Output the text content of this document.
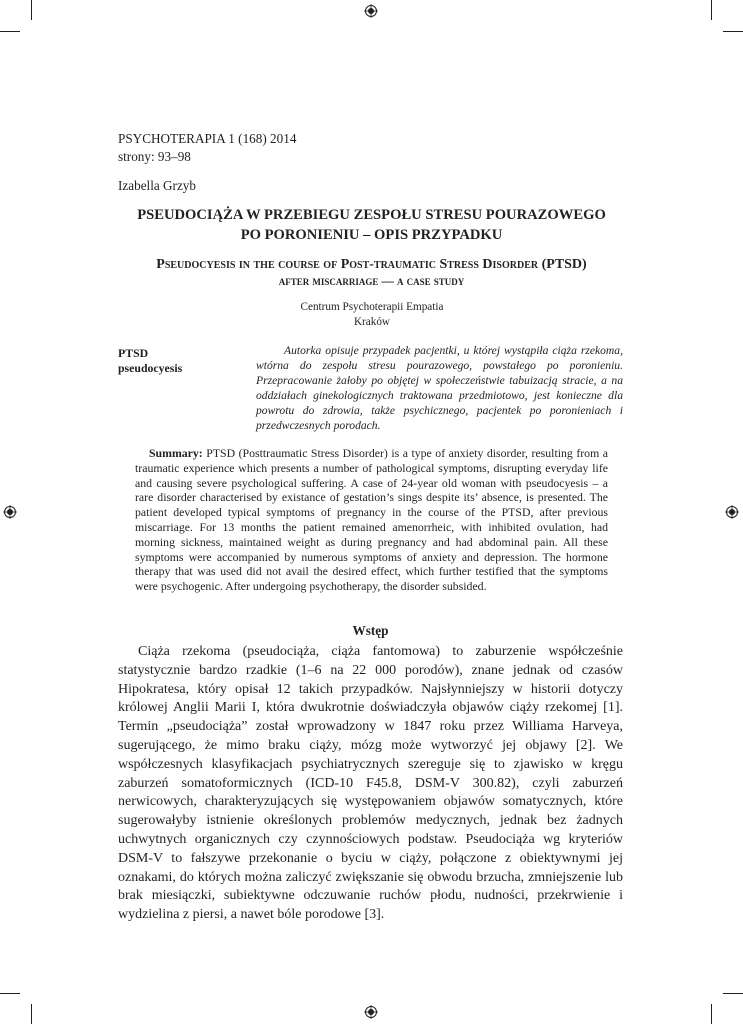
PSYCHOTERAPIA 1 (168) 2014
strony: 93–98
Izabella Grzyb
PSEUDOCIĄŻA W PRZEBIEGU ZESPOŁU STRESU POURAZOWEGO
PO PORONIENIU – OPIS PRZYPADKU
Pseudocyesis in the course of Post-traumatic Stress Disorder (PTSD)
after miscarriage — a case study
Centrum Psychoterapii Empatia
Kraków
PTSD
pseudocyesis
Autorka opisuje przypadek pacjentki, u której wystąpiła ciąża rzekoma, wtórna do zespołu stresu pourazowego, powstałego po poronieniu. Przepracowanie żałoby po objętej w społeczeństwie tabuizacją stracie, a na oddziałach ginekologicznych traktowana przedmiotowo, jest konieczne dla powrotu do zdrowia, także psychicznego, pacjentek po poronieniach i przedwczesnych porodach.
Summary: PTSD (Posttraumatic Stress Disorder) is a type of anxiety disorder, resulting from a traumatic experience which presents a number of pathological symptoms, disrupting everyday life and causing severe psychological suffering. A case of 24-year old woman with pseudocyesis – a rare disorder characterised by existance of gestation’s sings despite its’ absence, is presented. The patient developed typical symptoms of pregnancy in the course of the PTSD, after previous miscarriage. For 13 months the patient remained amenorrheic, with inhibited ovulation, had morning sickness, maintained weight as during pregnancy and had abdominal pain. All these symptoms were accompanied by numerous symptoms of anxiety and depression. The hormone therapy that was used did not avail the desired effect, which further testified that the symptoms were psychogenic. After undergoing psychotherapy, the disorder subsided.
Wstęp
Ciąża rzekoma (pseudociąża, ciąża fantomowa) to zaburzenie współcześnie statystycznie bardzo rzadkie (1–6 na 22 000 porodów), znane jednak od czasów Hipokratesa, który opisał 12 takich przypadków. Najsłynniejszy w historii dotyczy królowej Anglii Marii I, która dwukrotnie doświadczyła objawów ciąży rzekomej [1]. Termin „pseudociąża” został wprowadzony w 1847 roku przez Williama Harveya, sugerującego, że mimo braku ciąży, mózg może wytworzyć jej objawy [2]. We współczesnych klasyfikacjach psychiatrycznych szereguje się to zjawisko w kręgu zaburzeń somatoformicznych (ICD-10 F45.8, DSM-V 300.82), czyli zaburzeń nerwicowych, charakteryzujących się występowaniem objawów somatycznych, które sugerowałyby istnienie określonych problemów medycznych, jednak bez żadnych uchwytnych organicznych czy czynnościowych podstaw. Pseudociąża wg kryteriów DSM-V to fałszywe przekonanie o byciu w ciąży, połączone z obiektywnymi jej oznakami, do których można zaliczyć zwiększanie się obwodu brzucha, zmniejszenie lub brak miesiączki, subiektywne odczuwanie ruchów płodu, nudności, przekrwienie i wydzielina z piersi, a nawet bóle porodowe [3].
